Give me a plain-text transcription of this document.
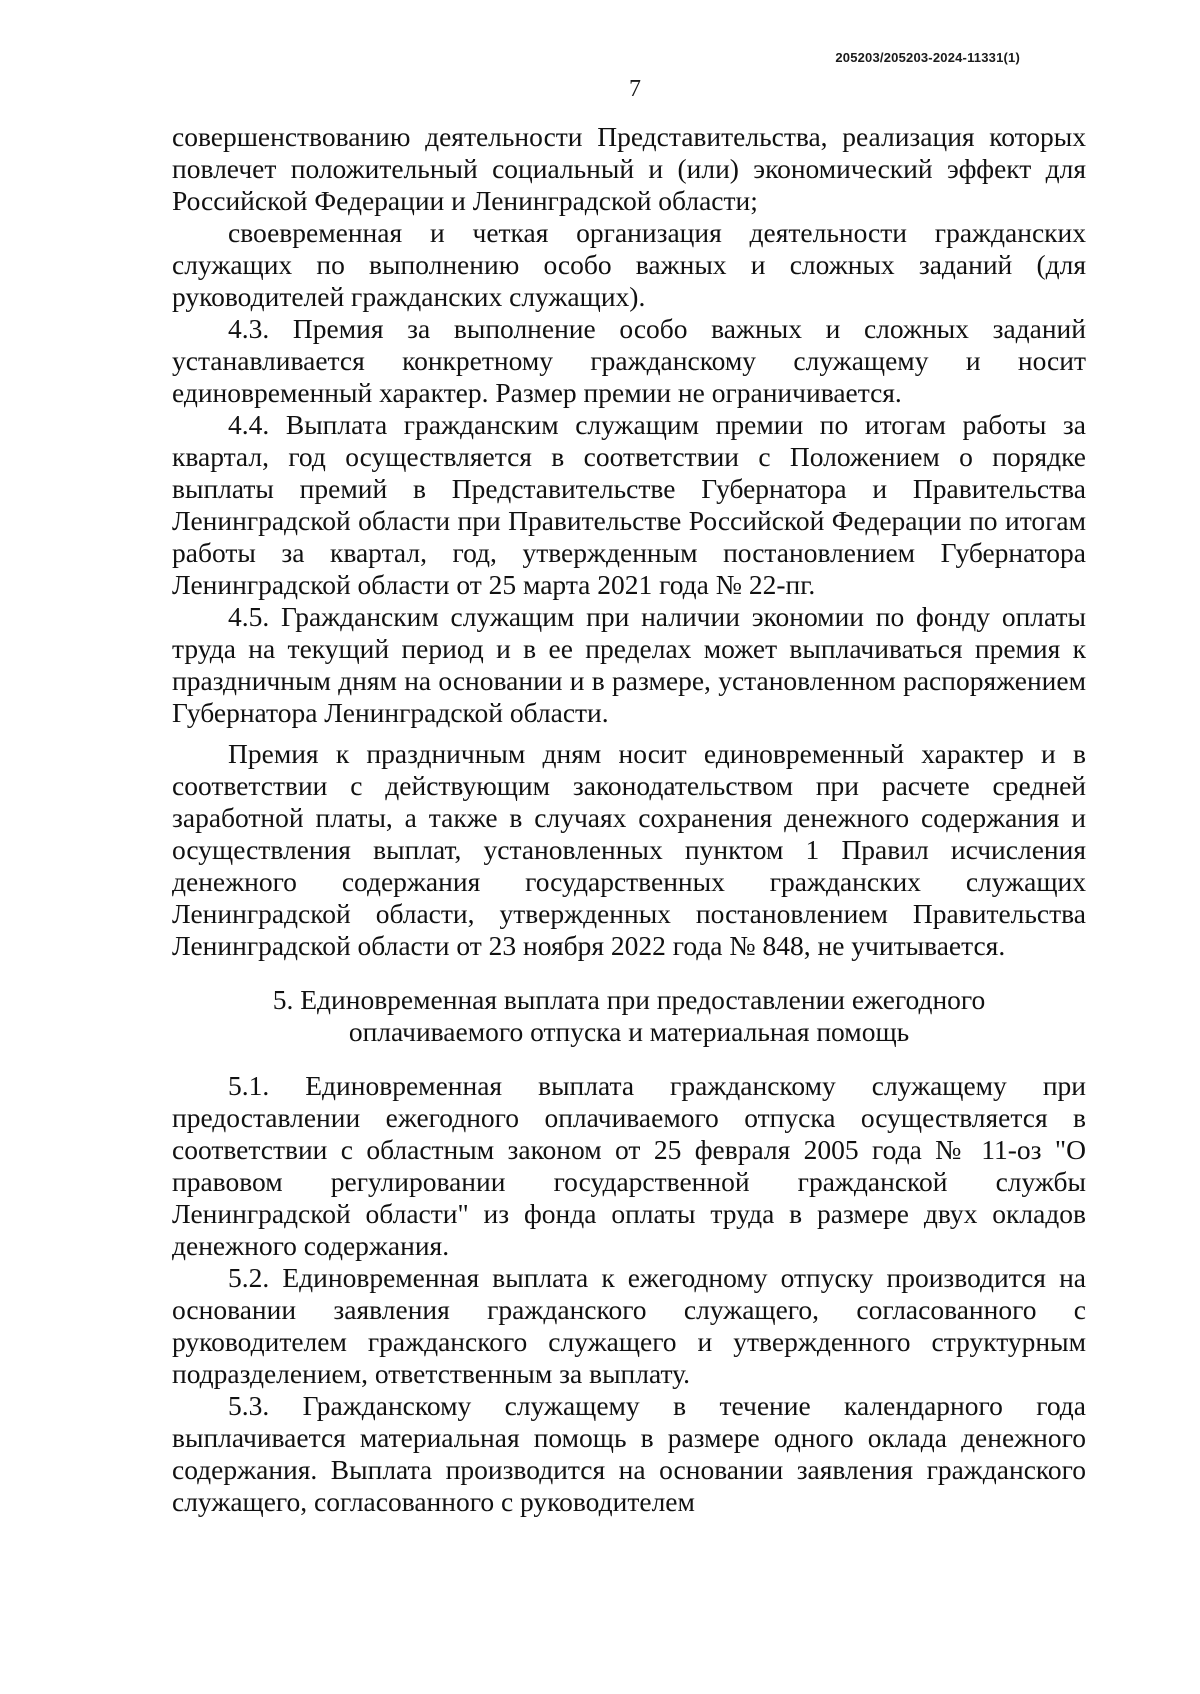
205203/205203-2024-11331(1)
7

совершенствованию деятельности Представительства, реализация которых повлечет положительный социальный и (или) экономический эффект для Российской Федерации и Ленинградской области;

своевременная и четкая организация деятельности гражданских служащих по выполнению особо важных и сложных заданий (для руководителей гражданских служащих).

4.3. Премия за выполнение особо важных и сложных заданий устанавливается конкретному гражданскому служащему и носит единовременный характер. Размер премии не ограничивается.

4.4. Выплата гражданским служащим премии по итогам работы за квартал, год осуществляется в соответствии с Положением о порядке выплаты премий в Представительстве Губернатора и Правительства Ленинградской области при Правительстве Российской Федерации по итогам работы за квартал, год, утвержденным постановлением Губернатора Ленинградской области от 25 марта 2021 года № 22-пг.

4.5. Гражданским служащим при наличии экономии по фонду оплаты труда на текущий период и в ее пределах может выплачиваться премия к праздничным дням на основании и в размере, установленном распоряжением Губернатора Ленинградской области.

Премия к праздничным дням носит единовременный характер и в соответствии с действующим законодательством при расчете средней заработной платы, а также в случаях сохранения денежного содержания и осуществления выплат, установленных пунктом 1 Правил исчисления денежного содержания государственных гражданских служащих Ленинградской области, утвержденных постановлением Правительства Ленинградской области от 23 ноября 2022 года № 848, не учитывается.

5. Единовременная выплата при предоставлении ежегодного
оплачиваемого отпуска и материальная помощь

5.1. Единовременная выплата гражданскому служащему при предоставлении ежегодного оплачиваемого отпуска осуществляется в соответствии с областным законом от 25 февраля 2005 года № 11-оз "О правовом регулировании государственной гражданской службы Ленинградской области" из фонда оплаты труда в размере двух окладов денежного содержания.

5.2. Единовременная выплата к ежегодному отпуску производится на основании заявления гражданского служащего, согласованного с руководителем гражданского служащего и утвержденного структурным подразделением, ответственным за выплату.

5.3. Гражданскому служащему в течение календарного года выплачивается материальная помощь в размере одного оклада денежного содержания. Выплата производится на основании заявления гражданского служащего, согласованного с руководителем
